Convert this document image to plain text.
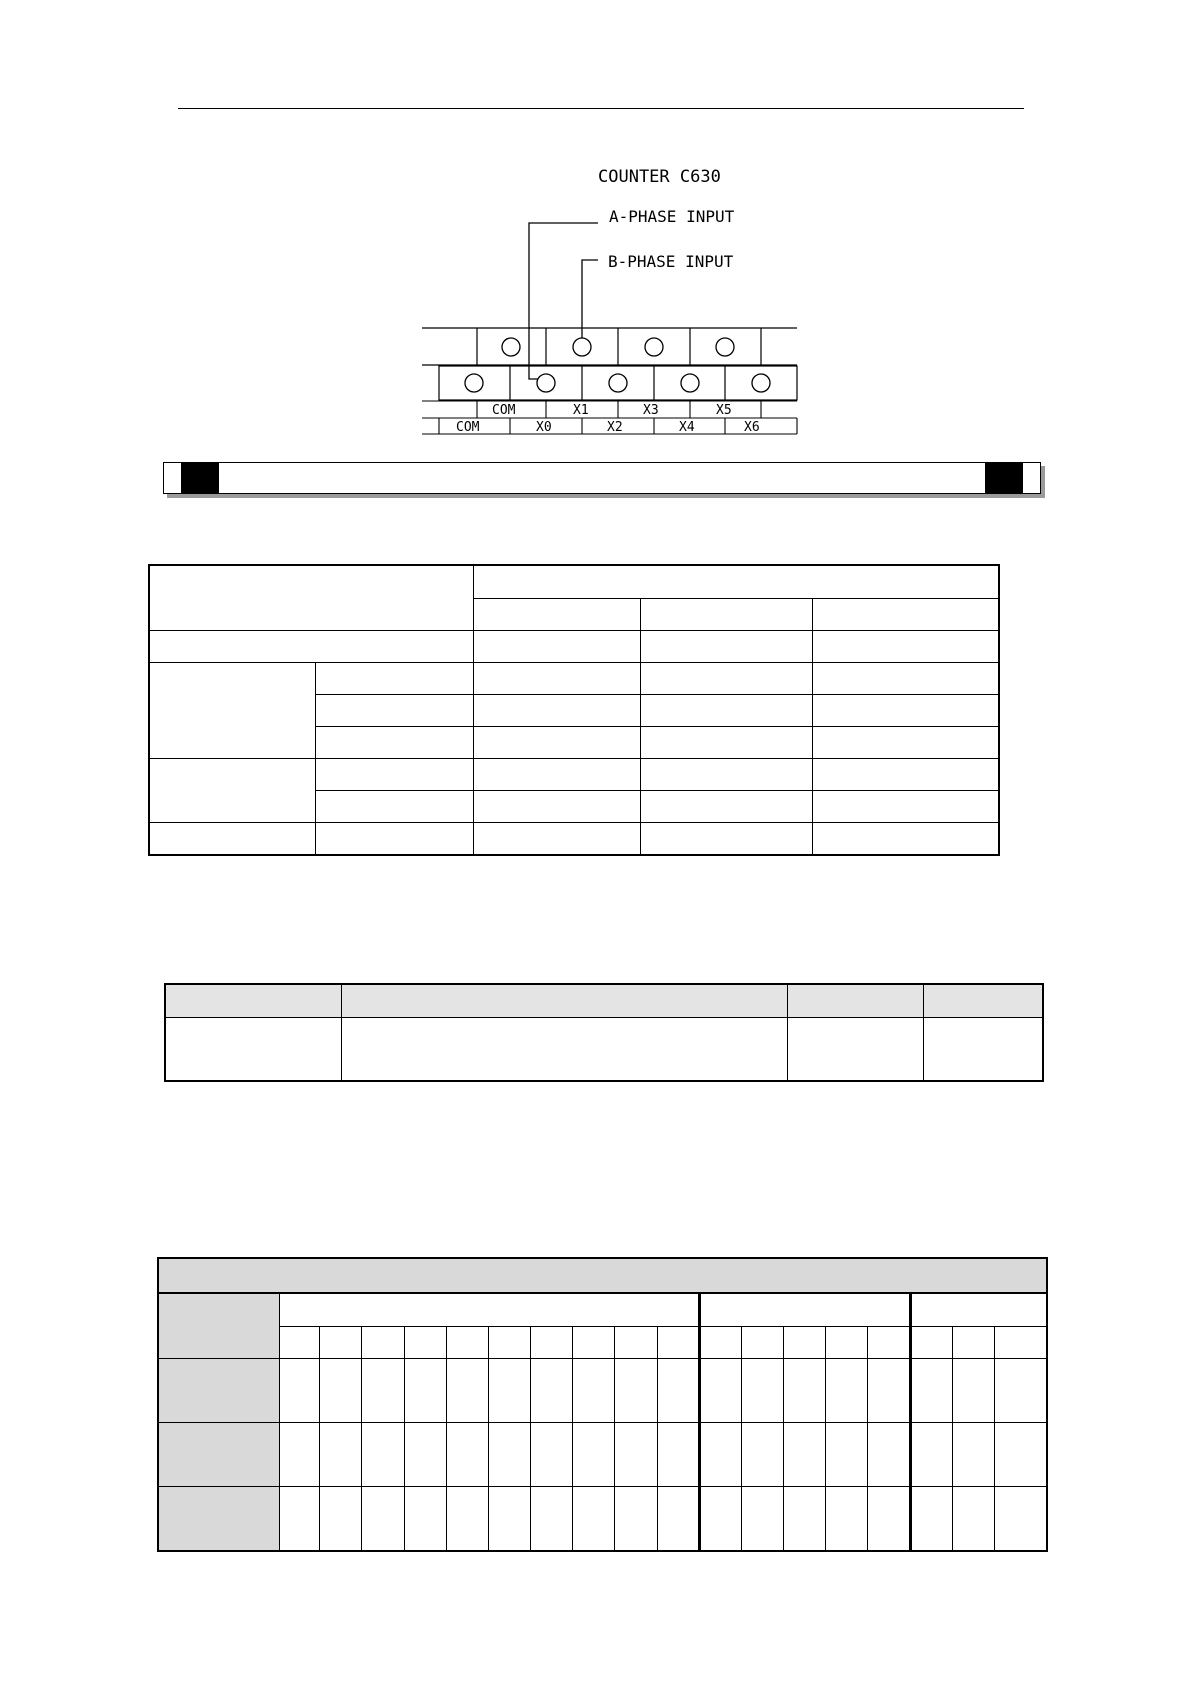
COUNTER C630
A-PHASE INPUT
B-PHASE INPUT
COM	X1	X3	X5
COM	X0	X2	X4	X6
